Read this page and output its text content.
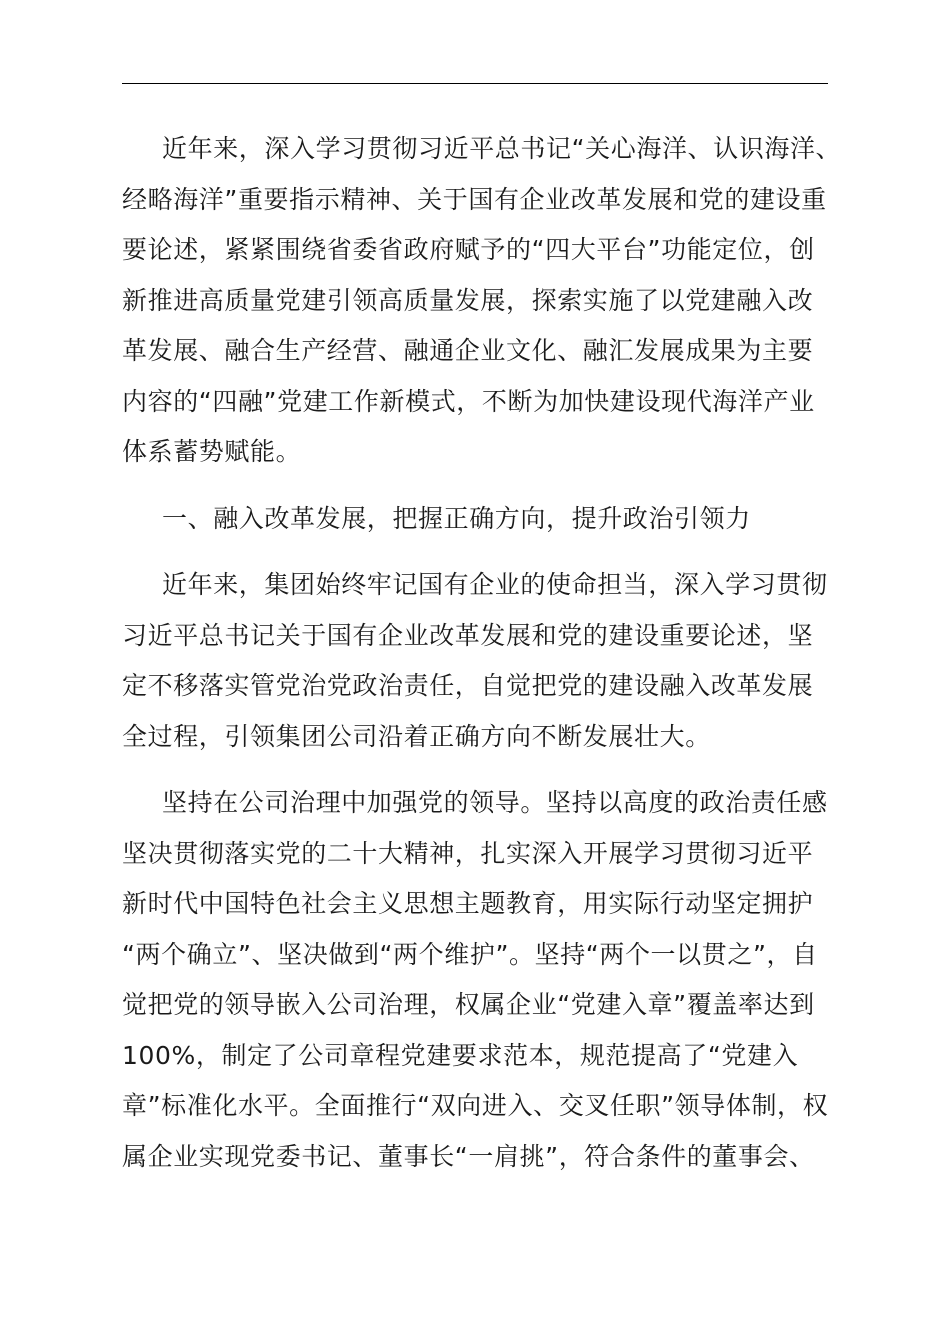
近年来，深入学习贯彻习近平总书记“关心海洋、认识海洋、
经略海洋”重要指示精神、关于国有企业改革发展和党的建设重
要论述，紧紧围绕省委省政府赋予的“四大平台”功能定位，创
新推进高质量党建引领高质量发展，探索实施了以党建融入改
革发展、融合生产经营、融通企业文化、融汇发展成果为主要
内容的“四融”党建工作新模式，不断为加快建设现代海洋产业
体系蓄势赋能。

一、融入改革发展，把握正确方向，提升政治引领力

近年来，集团始终牢记国有企业的使命担当，深入学习贯彻
习近平总书记关于国有企业改革发展和党的建设重要论述，坚
定不移落实管党治党政治责任，自觉把党的建设融入改革发展
全过程，引领集团公司沿着正确方向不断发展壮大。

坚持在公司治理中加强党的领导。坚持以高度的政治责任感
坚决贯彻落实党的二十大精神，扎实深入开展学习贯彻习近平
新时代中国特色社会主义思想主题教育，用实际行动坚定拥护
“两个确立”、坚决做到“两个维护”。坚持“两个一以贯之”，自
觉把党的领导嵌入公司治理，权属企业“党建入章”覆盖率达到
100%，制定了公司章程党建要求范本，规范提高了“党建入
章”标准化水平。全面推行“双向进入、交叉任职”领导体制，权
属企业实现党委书记、董事长“一肩挑”，符合条件的董事会、
